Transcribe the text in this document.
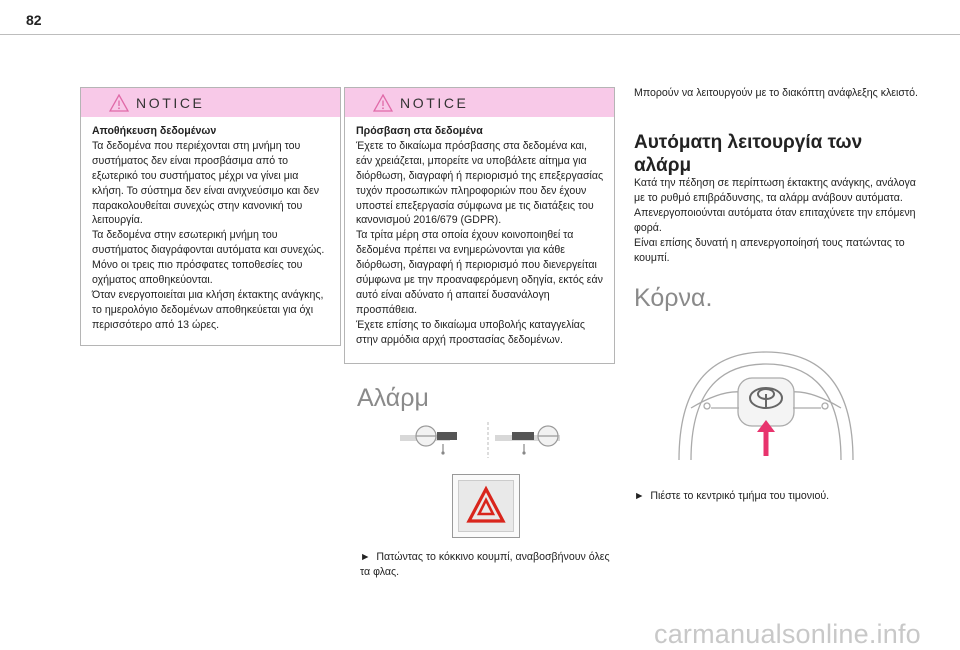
82
NOTICE
Αποθήκευση δεδομένων

Τα δεδομένα που περιέχονται στη μνήμη του συστήματος δεν είναι προσβάσιμα από το εξωτερικό του συστήματος μέχρι να γίνει μια κλήση. Το σύστημα δεν είναι ανιχνεύσιμο και δεν παρακολουθείται συνεχώς στην κανονική του λειτουργία.

Τα δεδομένα στην εσωτερική μνήμη του συστήματος διαγράφονται αυτόματα και συνεχώς. Μόνο οι τρεις πιο πρόσφατες τοποθεσίες του οχήματος αποθηκεύονται.

Όταν ενεργοποιείται μια κλήση έκτακτης ανάγκης, το ημερολόγιο δεδομένων αποθηκεύεται για όχι περισσότερο από 13 ώρες.

NOTICE
Πρόσβαση στα δεδομένα

Έχετε το δικαίωμα πρόσβασης στα δεδομένα και, εάν χρειάζεται, μπορείτε να υποβάλετε αίτημα για διόρθωση, διαγραφή ή περιορισμό της επεξεργασίας τυχόν προσωπικών πληροφοριών που δεν έχουν υποστεί επεξεργασία σύμφωνα με τις διατάξεις του κανονισμού 2016/679 (GDPR).

Τα τρίτα μέρη στα οποία έχουν κοινοποιηθεί τα δεδομένα πρέπει να ενημερώνονται για κάθε διόρθωση, διαγραφή ή περιορισμό που διενεργείται σύμφωνα με την προαναφερόμενη οδηγία, εκτός εάν αυτό είναι αδύνατο ή απαιτεί δυσανάλογη προσπάθεια.

Έχετε επίσης το δικαίωμα υποβολής καταγγελίας στην αρμόδια αρχή προστασίας δεδομένων.

Αλάρμ
► Πατώντας το κόκκινο κουμπί, αναβοσβήνουν όλες τα φλας.

Μπορούν να λειτουργούν με το διακόπτη ανάφλεξης κλειστό.

Αυτόματη λειτουργία των αλάρμ

Κατά την πέδηση σε περίπτωση έκτακτης ανάγκης, ανάλογα με το ρυθμό επιβράδυνσης, τα αλάρμ ανάβουν αυτόματα. Απενεργοποιούνται αυτόματα όταν επιταχύνετε την επόμενη φορά.

Είναι επίσης δυνατή η απενεργοποίησή τους πατώντας το κουμπί.

Κόρνα.
► Πιέστε το κεντρικό τμήμα του τιμονιού.
carmanualsonline.info
